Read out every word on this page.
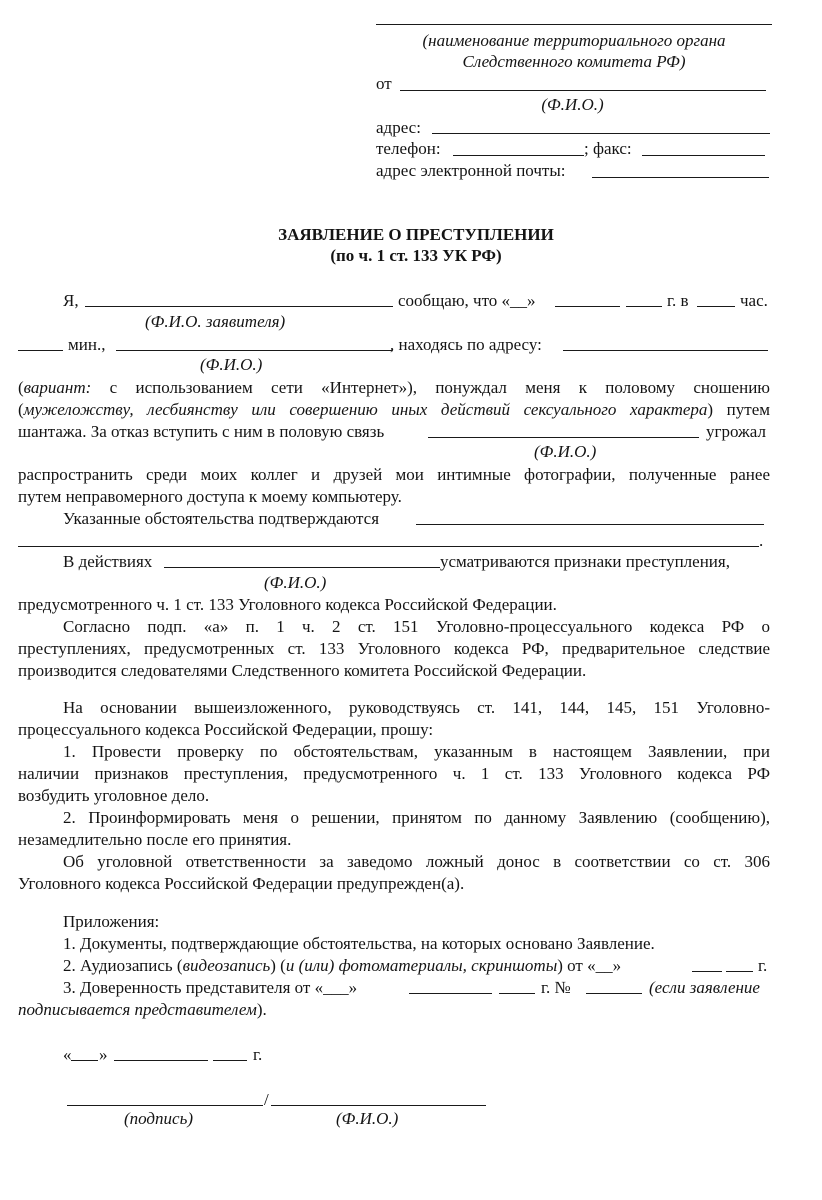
(наименование территориального органа
Следственного комитета РФ)
от
(Ф.И.О.)
адрес:
телефон:	; факс:
адрес электронной почты:
ЗАЯВЛЕНИЕ О ПРЕСТУПЛЕНИИ
(по ч. 1 ст. 133 УК РФ)
Я,	сообщаю, что «__»	г. в	час.
(Ф.И.О. заявителя)
мин.,	, находясь по адресу:
(Ф.И.О.)
(вариант: с использованием сети «Интернет»), понуждал меня к половому сношению
(мужеложству, лесбиянству или совершению иных действий сексуального характера) путем
шантажа. За отказ вступить с ним в половую связь	угрожал
(Ф.И.О.)
распространить среди моих коллег и друзей мои интимные фотографии, полученные ранее
путем неправомерного доступа к моему компьютеру.
Указанные обстоятельства подтверждаются
.
В действиях	усматриваются признаки преступления,
(Ф.И.О.)
предусмотренного ч. 1 ст. 133 Уголовного кодекса Российской Федерации.
Согласно подп. «а» п. 1 ч. 2 ст. 151 Уголовно-процессуального кодекса РФ о
преступлениях, предусмотренных ст. 133 Уголовного кодекса РФ, предварительное следствие
производится следователями Следственного комитета Российской Федерации.
На основании вышеизложенного, руководствуясь ст. 141, 144, 145, 151 Уголовно-
процессуального кодекса Российской Федерации, прошу:
1. Провести проверку по обстоятельствам, указанным в настоящем Заявлении, при
наличии признаков преступления, предусмотренного ч. 1 ст. 133 Уголовного кодекса РФ
возбудить уголовное дело.
2. Проинформировать меня о решении, принятом по данному Заявлению (сообщению),
незамедлительно после его принятия.
Об уголовной ответственности за заведомо ложный донос в соответствии со ст. 306
Уголовного кодекса Российской Федерации предупрежден(а).
Приложения:
1. Документы, подтверждающие обстоятельства, на которых основано Заявление.
2. Аудиозапись (видеозапись) (и (или) фотоматериалы, скриншоты) от «__»	г.
3. Доверенность представителя от «___»	г. №	(если заявление
подписывается представителем).
« »	г.
/
(подпись)	(Ф.И.О.)
